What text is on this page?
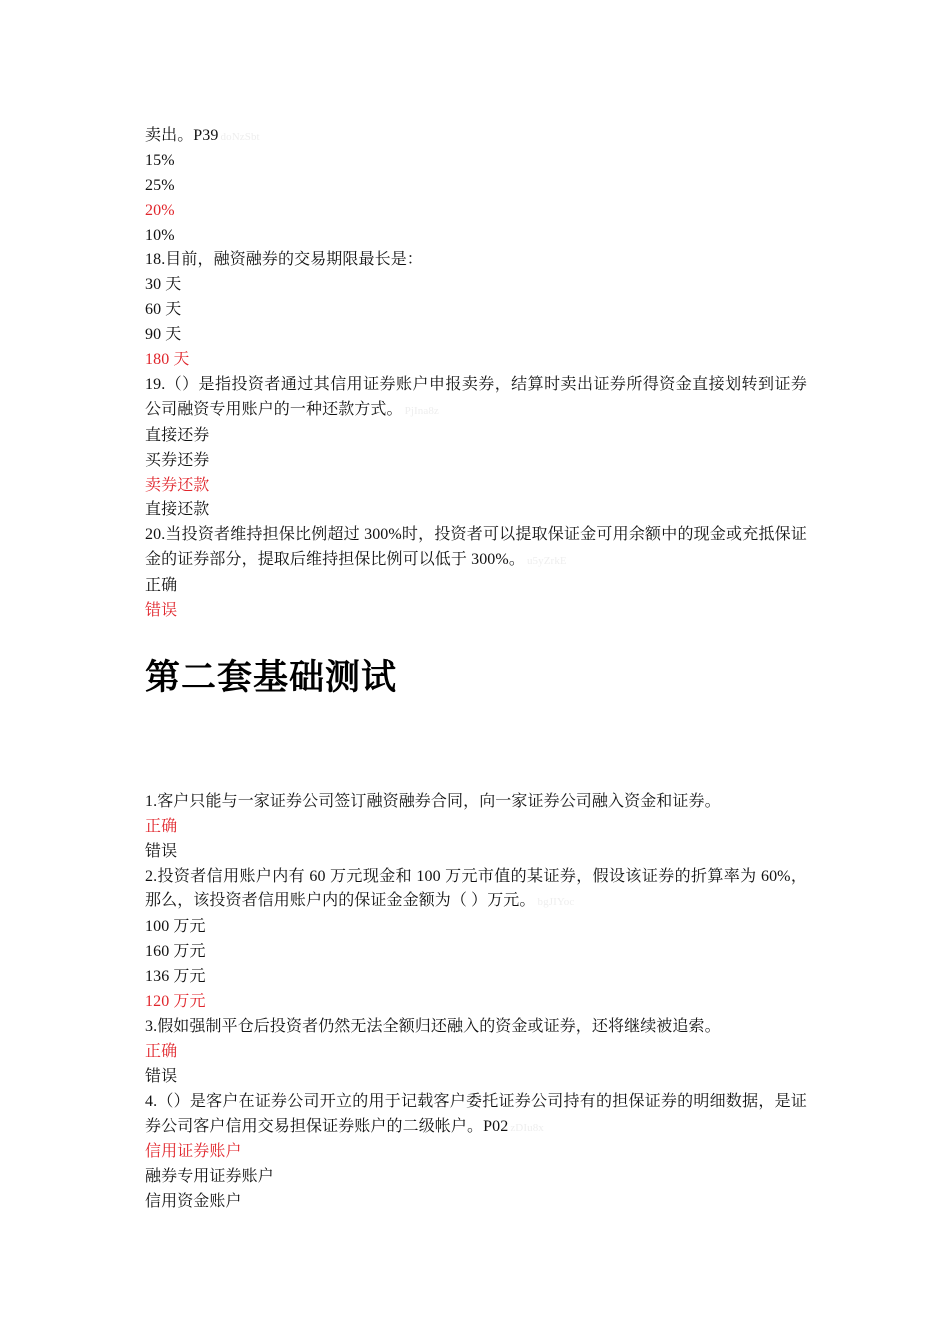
卖出。P39 doNzSbt
15%
25%
20%
10%
18.目前，融资融券的交易期限最长是：
30 天
60 天
90 天
180 天
19.（）是指投资者通过其信用证券账户申报卖券，结算时卖出证券所得资金直接划转到证券公司融资专用账户的一种还款方式。 PjIna8z
直接还券
买券还券
卖券还款
直接还款
20.当投资者维持担保比例超过 300%时，投资者可以提取保证金可用余额中的现金或充抵保证金的证券部分，提取后维持担保比例可以低于 300%。 u5yZrkE
正确
错误
第二套基础测试
1.客户只能与一家证券公司签订融资融券合同，向一家证券公司融入资金和证券。
正确
错误
2.投资者信用账户内有 60 万元现金和 100 万元市值的某证券，假设该证券的折算率为 60%，那么，该投资者信用账户内的保证金金额为（ ）万元。 bgJIYoc
100 万元
160 万元
136 万元
120 万元
3.假如强制平仓后投资者仍然无法全额归还融入的资金或证券，还将继续被追索。
正确
错误
4.（）是客户在证券公司开立的用于记载客户委托证券公司持有的担保证券的明细数据，是证券公司客户信用交易担保证券账户的二级帐户。P02 zDIu8x
信用证券账户
融券专用证券账户
信用资金账户
